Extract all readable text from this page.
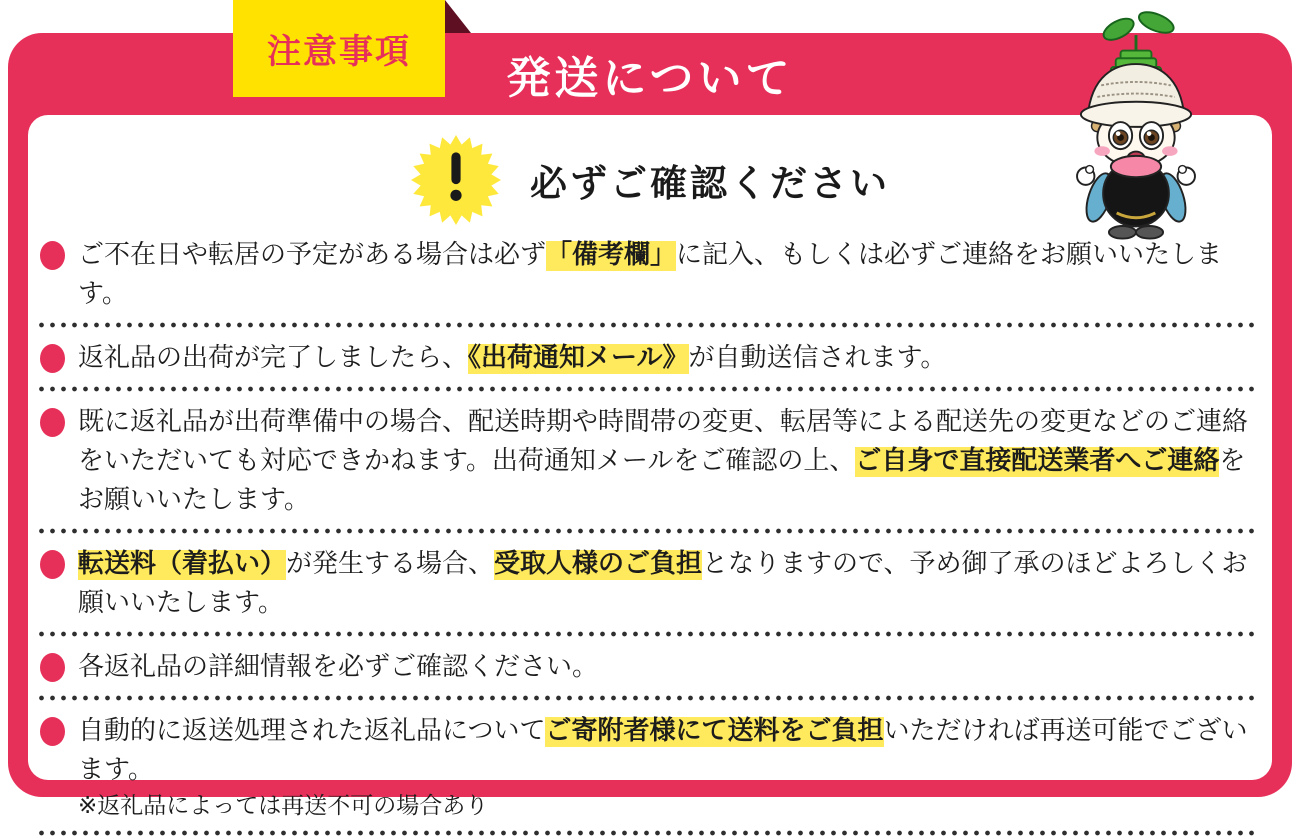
発送について
注意事項
必ずご確認ください

ご不在日や転居の予定がある場合は必ず「備考欄」に記入、もしくは必ずご連絡をお願いいたします。

返礼品の出荷が完了しましたら、《出荷通知メール》が自動送信されます。

既に返礼品が出荷準備中の場合、配送時期や時間帯の変更、転居等による配送先の変更などのご連絡をいただいても対応できかねます。出荷通知メールをご確認の上、ご自身で直接配送業者へご連絡をお願いいたします。

転送料（着払い）が発生する場合、受取人様のご負担となりますので、予め御了承のほどよろしくお願いいたします。

各返礼品の詳細情報を必ずご確認ください。

自動的に返送処理された返礼品についてご寄附者様にて送料をご負担いただければ再送可能でございます。

※返礼品によっては再送不可の場合あり
